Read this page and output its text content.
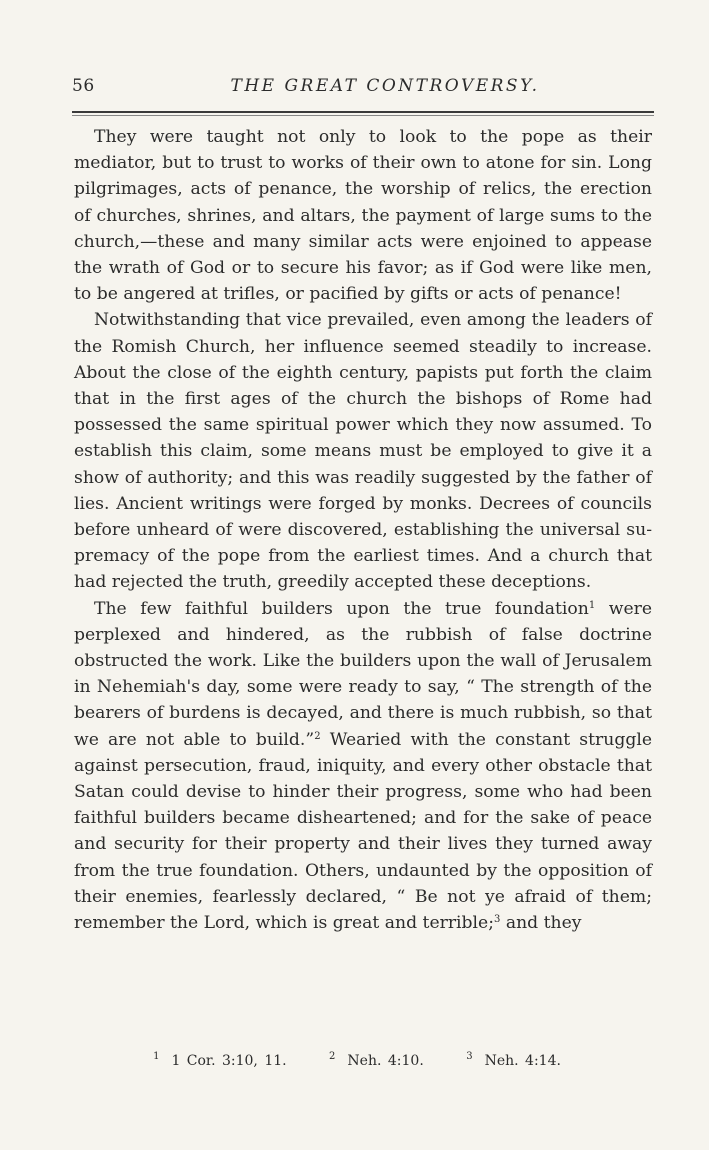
56	THE GREAT CONTROVERSY.

They were taught not only to look to the pope as their mediator, but to trust to works of their own to atone for sin. Long pilgrimages, acts of penance, the worship of relics, the erection of churches, shrines, and altars, the payment of large sums to the church,—these and many similar acts were enjoined to appease the wrath of God or to secure his favor; as if God were like men, to be angered at trifles, or pacified by gifts or acts of penance!

Notwithstanding that vice prevailed, even among the leaders of the Romish Church, her influence seemed steadily to increase. About the close of the eighth century, papists put forth the claim that in the first ages of the church the bishops of Rome had possessed the same spiritual power which they now assumed. To establish this claim, some means must be employed to give it a show of authority; and this was readily suggested by the father of lies. Ancient writings were forged by monks. Decrees of councils before unheard of were discovered, establishing the universal supremacy of the pope from the earliest times. And a church that had rejected the truth, greedily accepted these deceptions.

The few faithful builders upon the true foundation$^1$ were perplexed and hindered, as the rubbish of false doctrine obstructed the work. Like the builders upon the wall of Jerusalem in Nehemiah's day, some were ready to say, “ The strength of the bearers of burdens is decayed, and there is much rubbish, so that we are not able to build.”$^2$ Wearied with the constant struggle against persecution, fraud, iniquity, and every other obstacle that Satan could devise to hinder their progress, some who had been faithful builders became disheartened; and for the sake of peace and security for their property and their lives they turned away from the true foundation. Others, undaunted by the opposition of their enemies, fearlessly declared, “ Be not ye afraid of them; remember the Lord, which is great and terrible;$^3$ and they

$^1$ 1 Cor. 3:10, 11.	$^2$ Neh. 4:10.	$^3$ Neh. 4:14.
